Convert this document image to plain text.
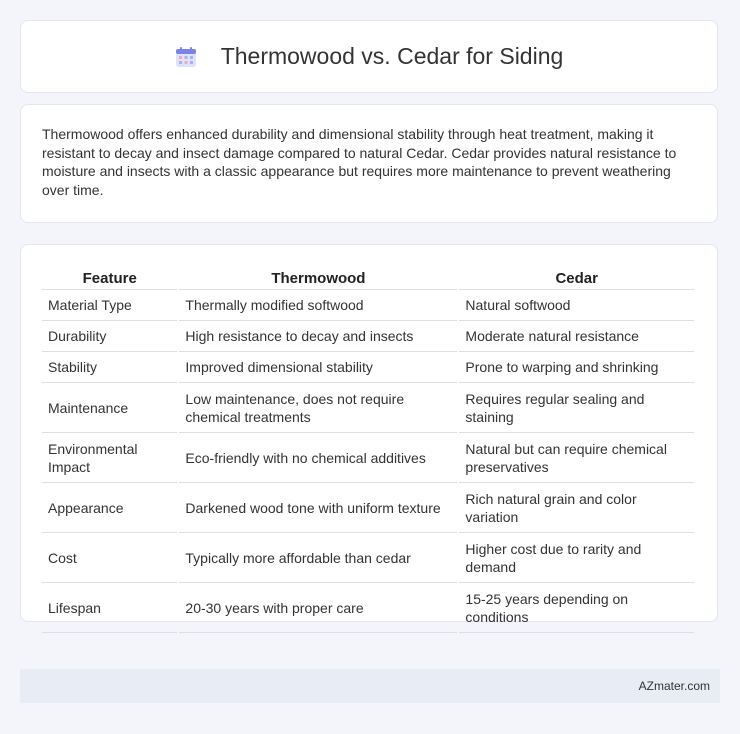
Thermowood vs. Cedar for Siding

Thermowood offers enhanced durability and dimensional stability through heat treatment, making it resistant to decay and insect damage compared to natural Cedar. Cedar provides natural resistance to moisture and insects with a classic appearance but requires more maintenance to prevent weathering over time.

Feature	Thermowood	Cedar
Material Type	Thermally modified softwood	Natural softwood
Durability	High resistance to decay and insects	Moderate natural resistance
Stability	Improved dimensional stability	Prone to warping and shrinking
Maintenance	Low maintenance, does not require chemical treatments	Requires regular sealing and staining
Environmental Impact	Eco-friendly with no chemical additives	Natural but can require chemical preservatives
Appearance	Darkened wood tone with uniform texture	Rich natural grain and color variation
Cost	Typically more affordable than cedar	Higher cost due to rarity and demand
Lifespan	20-30 years with proper care	15-25 years depending on conditions
AZmater.com
